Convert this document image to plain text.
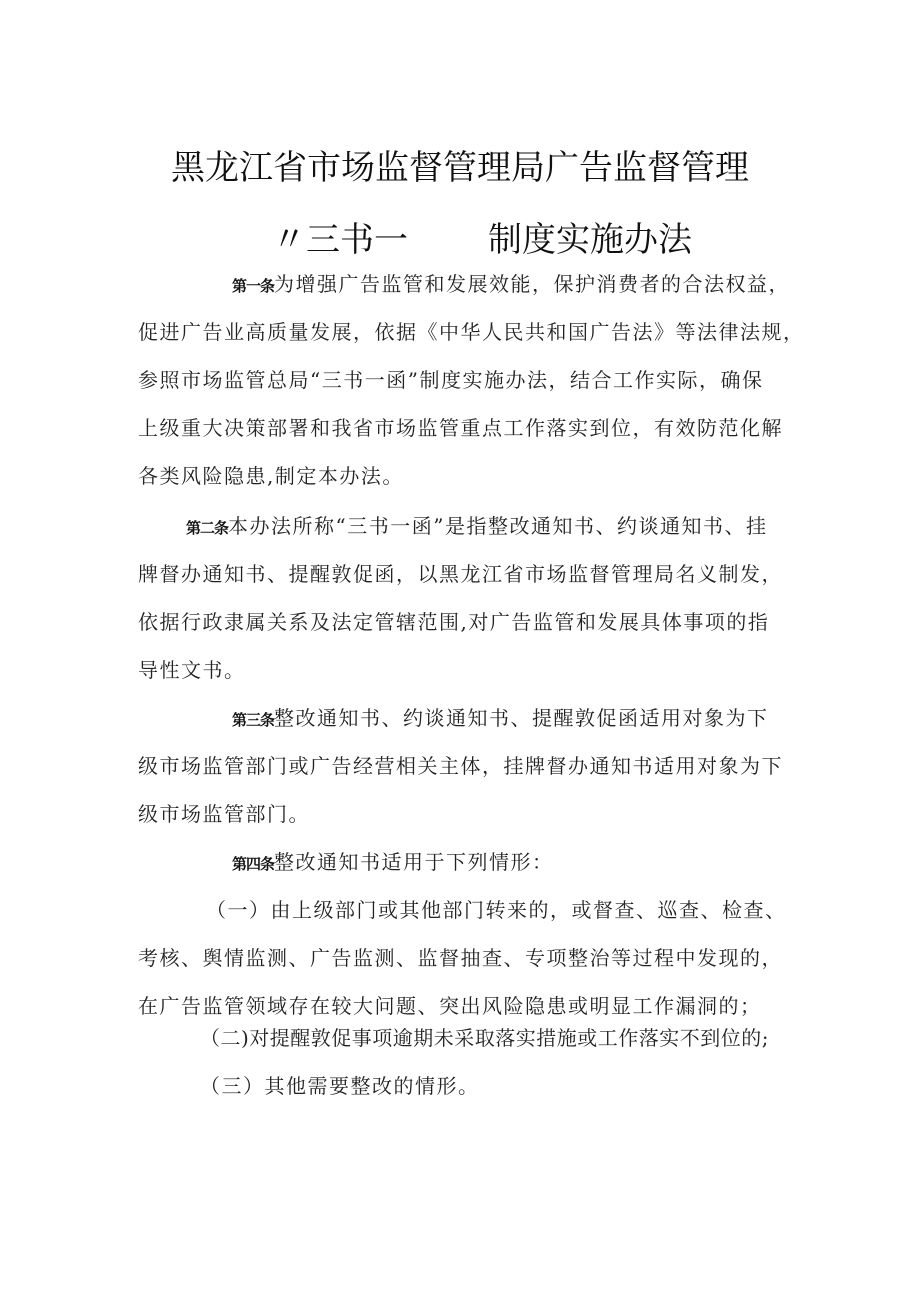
黑龙江省市场监督管理局广告监督管理
〃三书一 制度实施办法
第一条为增强广告监管和发展效能，保护消费者的合法权益，
促进广告业高质量发展，依据《中华人民共和国广告法》等法律法规，
参照市场监管总局“三书一函”制度实施办法，结合工作实际，确保
上级重大决策部署和我省市场监管重点工作落实到位，有效防范化解
各类风险隐患,制定本办法。
第二条本办法所称“三书一函”是指整改通知书、约谈通知书、挂
牌督办通知书、提醒敦促函，以黑龙江省市场监督管理局名义制发，
依据行政隶属关系及法定管辖范围,对广告监管和发展具体事项的指
导性文书。
第三条整改通知书、约谈通知书、提醒敦促函适用对象为下
级市场监管部门或广告经营相关主体，挂牌督办通知书适用对象为下
级市场监管部门。
第四条整改通知书适用于下列情形：
（一）由上级部门或其他部门转来的，或督查、巡查、检查、
考核、舆情监测、广告监测、监督抽查、专项整治等过程中发现的，
在广告监管领域存在较大问题、突出风险隐患或明显工作漏洞的；
（二)对提醒敦促事项逾期未采取落实措施或工作落实不到位的;
（三）其他需要整改的情形。
